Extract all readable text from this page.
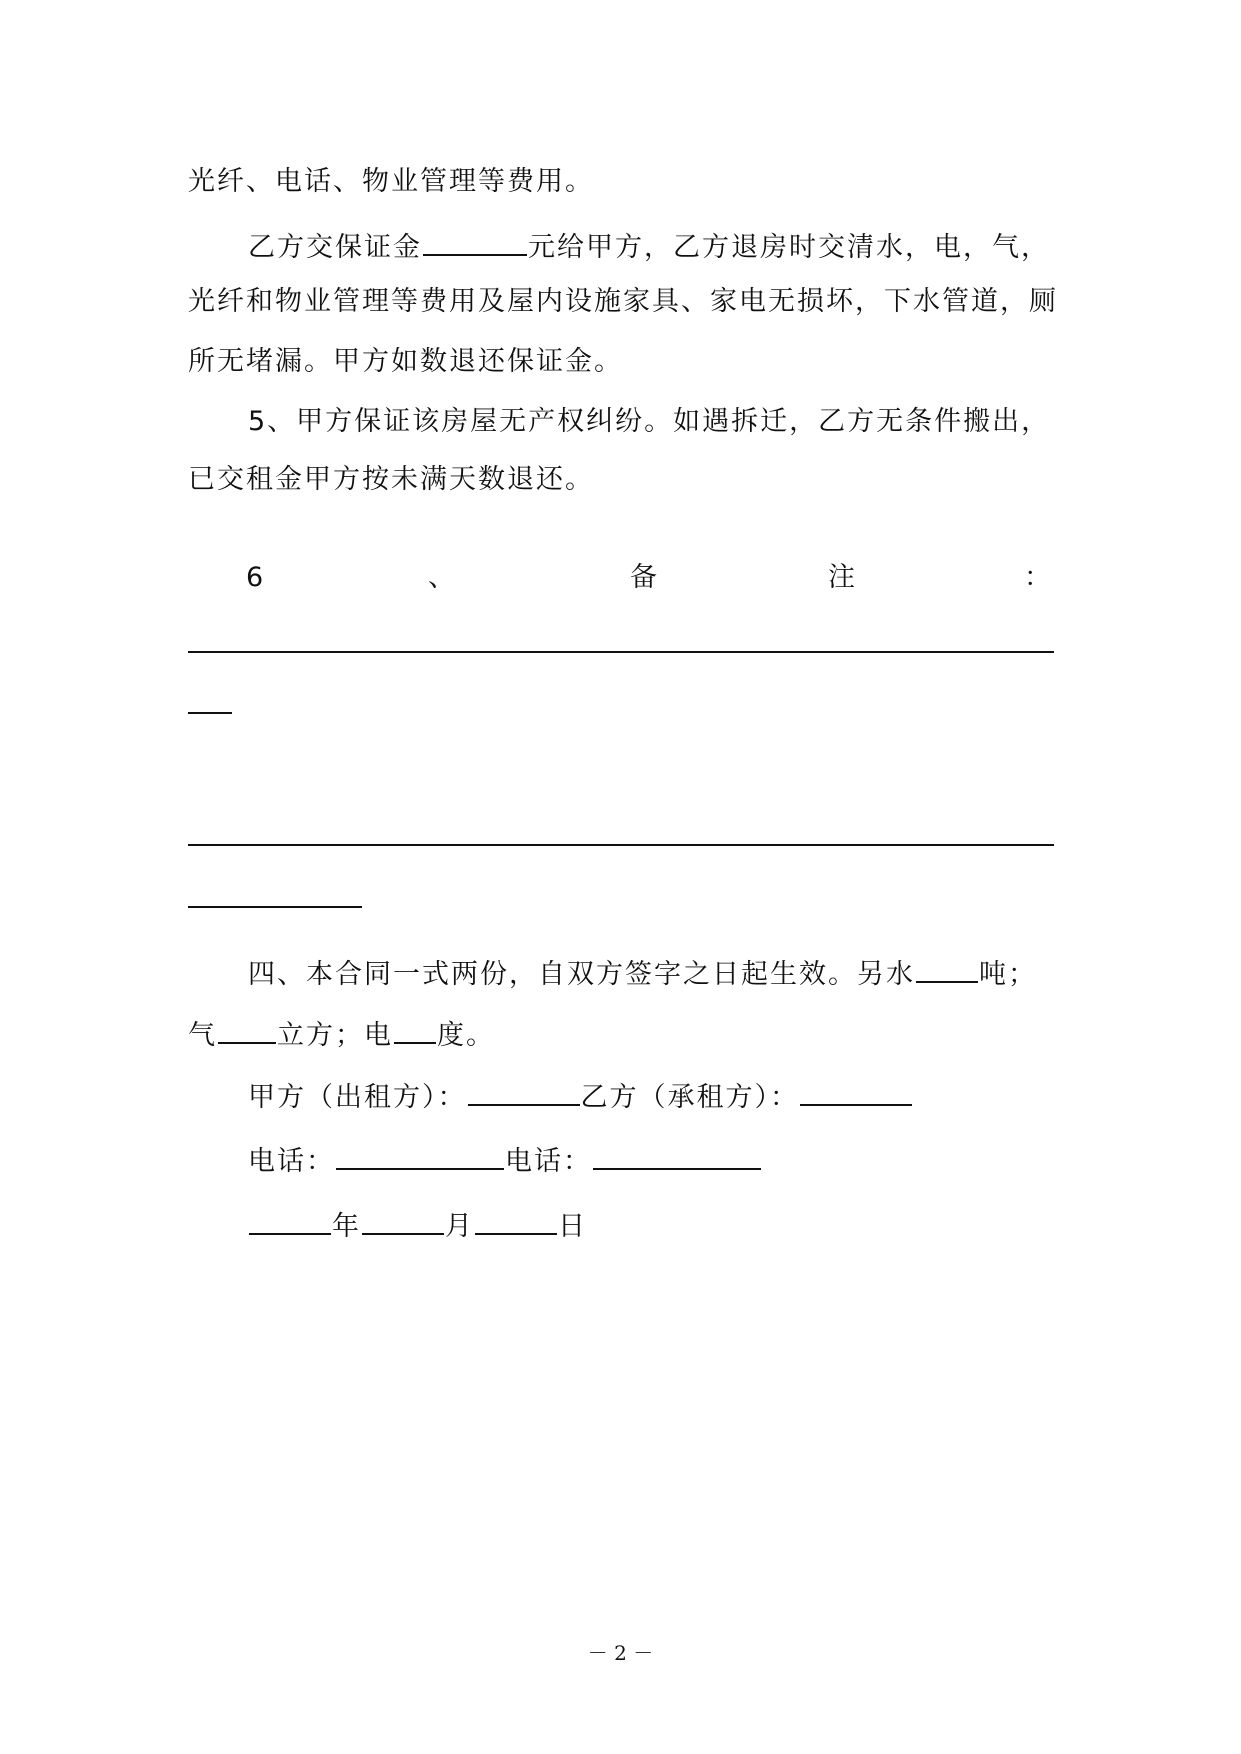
光纤、电话、物业管理等费用。
乙方交保证金	元给甲方，乙方退房时交清水，电，气，
光纤和物业管理等费用及屋内设施家具、家电无损坏，下水管道，厕
所无堵漏。甲方如数退还保证金。
5、甲方保证该房屋无产权纠纷。如遇拆迁，乙方无条件搬出，
已交租金甲方按未满天数退还。
6	、	备	注	：
四、本合同一式两份，自双方签字之日起生效。另水 吨；
气 立方；电 度。
甲方（出租方）：	乙方（承租方）：
电话：	电话：
年	月	日
－ 2 －
